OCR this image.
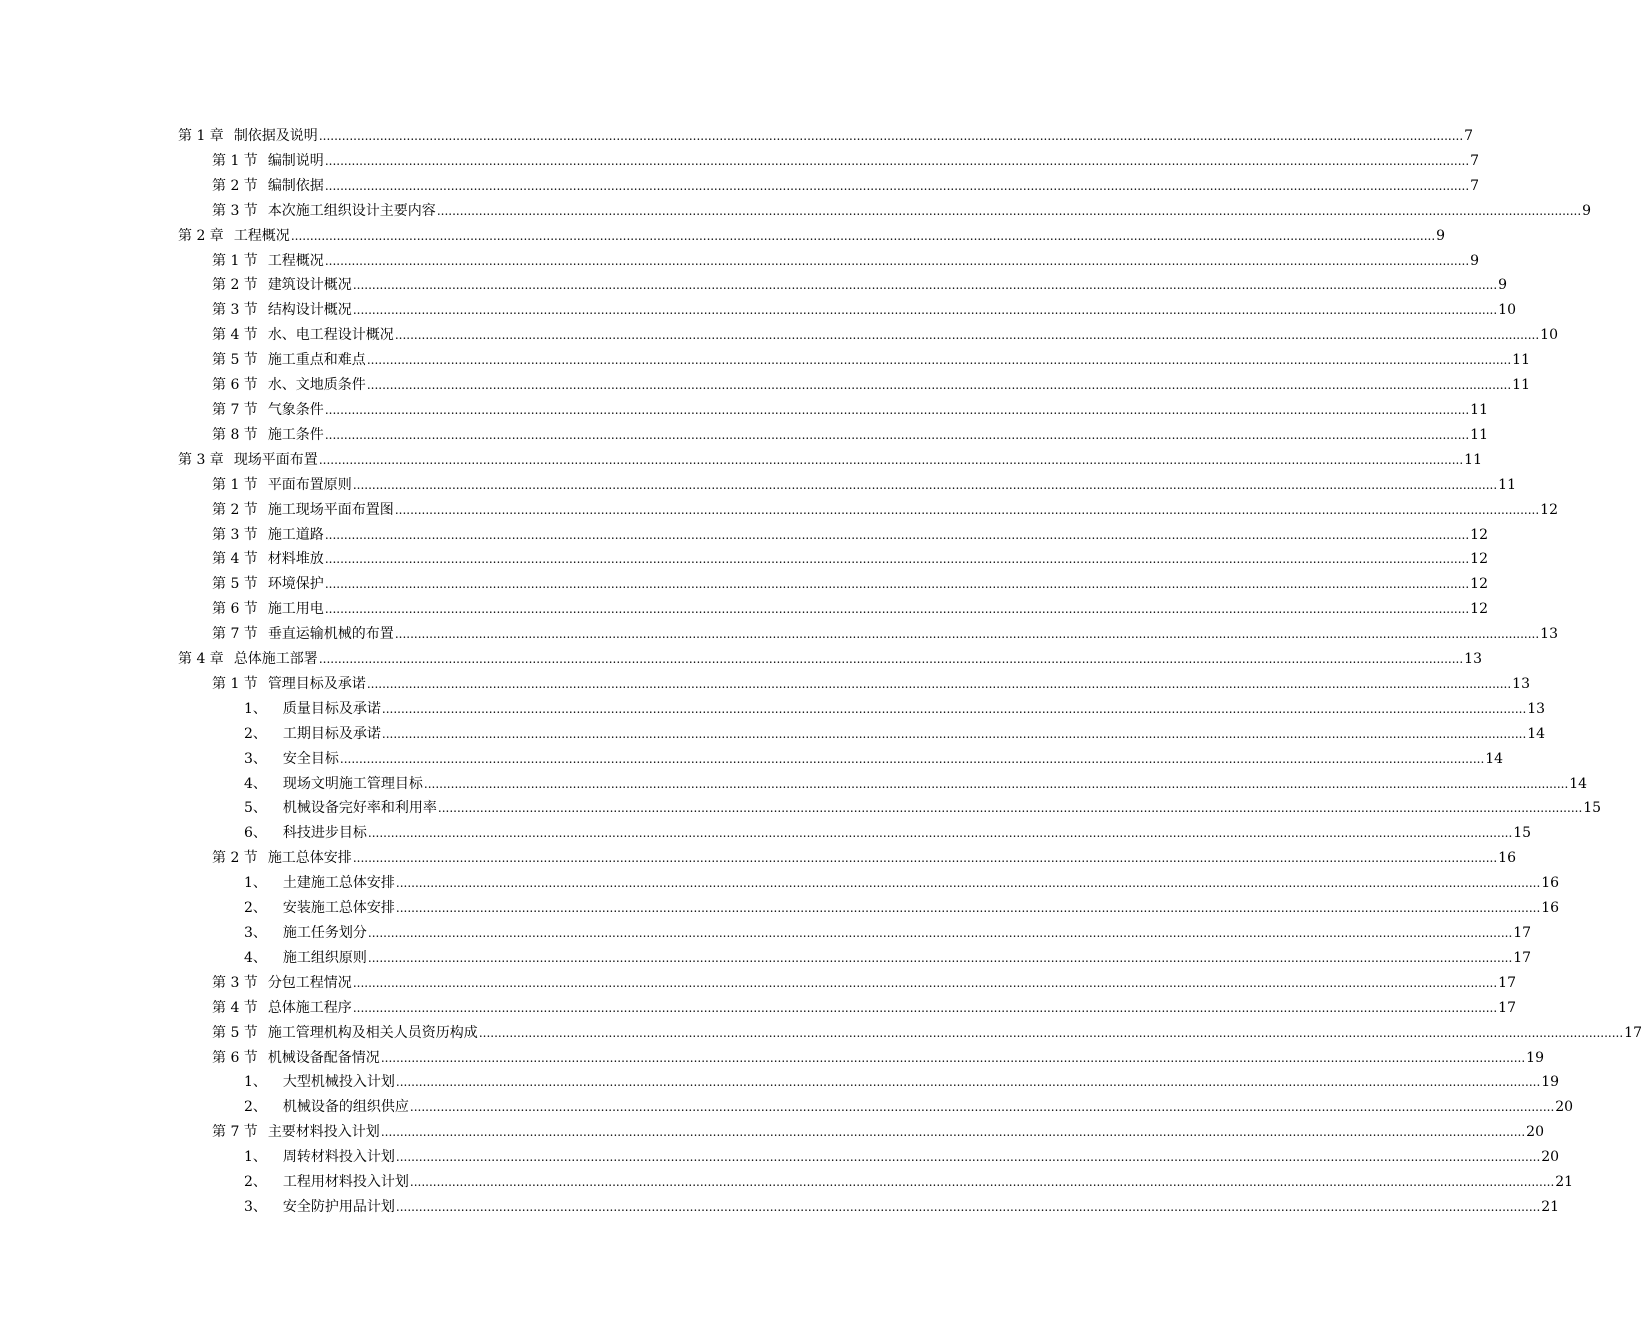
第 1 章 制依据及说明 ............................................................................................................................................................................................................................................................................................................ 7
第 1 节 编制说明 ............................................................................................................................................................................................................................................................................................................ 7
第 2 节 编制依据 ............................................................................................................................................................................................................................................................................................................ 7
第 3 节 本次施工组织设计主要内容 ............................................................................................................................................................................................................................................................................................................ 9
第 2 章 工程概况 ............................................................................................................................................................................................................................................................................................................ 9
第 1 节 工程概况 ............................................................................................................................................................................................................................................................................................................ 9
第 2 节 建筑设计概况 ............................................................................................................................................................................................................................................................................................................ 9
第 3 节 结构设计概况 ............................................................................................................................................................................................................................................................................................................ 10
第 4 节 水、电工程设计概况 ............................................................................................................................................................................................................................................................................................................ 10
第 5 节 施工重点和难点 ............................................................................................................................................................................................................................................................................................................ 11
第 6 节 水、文地质条件 ............................................................................................................................................................................................................................................................................................................ 11
第 7 节 气象条件 ............................................................................................................................................................................................................................................................................................................ 11
第 8 节 施工条件 ............................................................................................................................................................................................................................................................................................................ 11
第 3 章 现场平面布置 ............................................................................................................................................................................................................................................................................................................ 11
第 1 节 平面布置原则 ............................................................................................................................................................................................................................................................................................................ 11
第 2 节 施工现场平面布置图 ............................................................................................................................................................................................................................................................................................................ 12
第 3 节 施工道路 ............................................................................................................................................................................................................................................................................................................ 12
第 4 节 材料堆放 ............................................................................................................................................................................................................................................................................................................ 12
第 5 节 环境保护 ............................................................................................................................................................................................................................................................................................................ 12
第 6 节 施工用电 ............................................................................................................................................................................................................................................................................................................ 12
第 7 节 垂直运输机械的布置 ............................................................................................................................................................................................................................................................................................................ 13
第 4 章 总体施工部署 ............................................................................................................................................................................................................................................................................................................ 13
第 1 节 管理目标及承诺 ............................................................................................................................................................................................................................................................................................................ 13
1、 质量目标及承诺 ............................................................................................................................................................................................................................................................................................................ 13
2、 工期目标及承诺 ............................................................................................................................................................................................................................................................................................................ 14
3、 安全目标 ............................................................................................................................................................................................................................................................................................................ 14
4、 现场文明施工管理目标 ............................................................................................................................................................................................................................................................................................................ 14
5、 机械设备完好率和利用率 ............................................................................................................................................................................................................................................................................................................ 15
6、 科技进步目标 ............................................................................................................................................................................................................................................................................................................ 15
第 2 节 施工总体安排 ............................................................................................................................................................................................................................................................................................................ 16
1、 土建施工总体安排 ............................................................................................................................................................................................................................................................................................................ 16
2、 安装施工总体安排 ............................................................................................................................................................................................................................................................................................................ 16
3、 施工任务划分 ............................................................................................................................................................................................................................................................................................................ 17
4、 施工组织原则 ............................................................................................................................................................................................................................................................................................................ 17
第 3 节 分包工程情况 ............................................................................................................................................................................................................................................................................................................ 17
第 4 节 总体施工程序 ............................................................................................................................................................................................................................................................................................................ 17
第 5 节 施工管理机构及相关人员资历构成 ............................................................................................................................................................................................................................................................................................................ 17
第 6 节 机械设备配备情况 ............................................................................................................................................................................................................................................................................................................ 19
1、 大型机械投入计划 ............................................................................................................................................................................................................................................................................................................ 19
2、 机械设备的组织供应 ............................................................................................................................................................................................................................................................................................................ 20
第 7 节 主要材料投入计划 ............................................................................................................................................................................................................................................................................................................ 20
1、 周转材料投入计划 ............................................................................................................................................................................................................................................................................................................ 20
2、 工程用材料投入计划 ............................................................................................................................................................................................................................................................................................................ 21
3、 安全防护用品计划 ............................................................................................................................................................................................................................................................................................................ 21
